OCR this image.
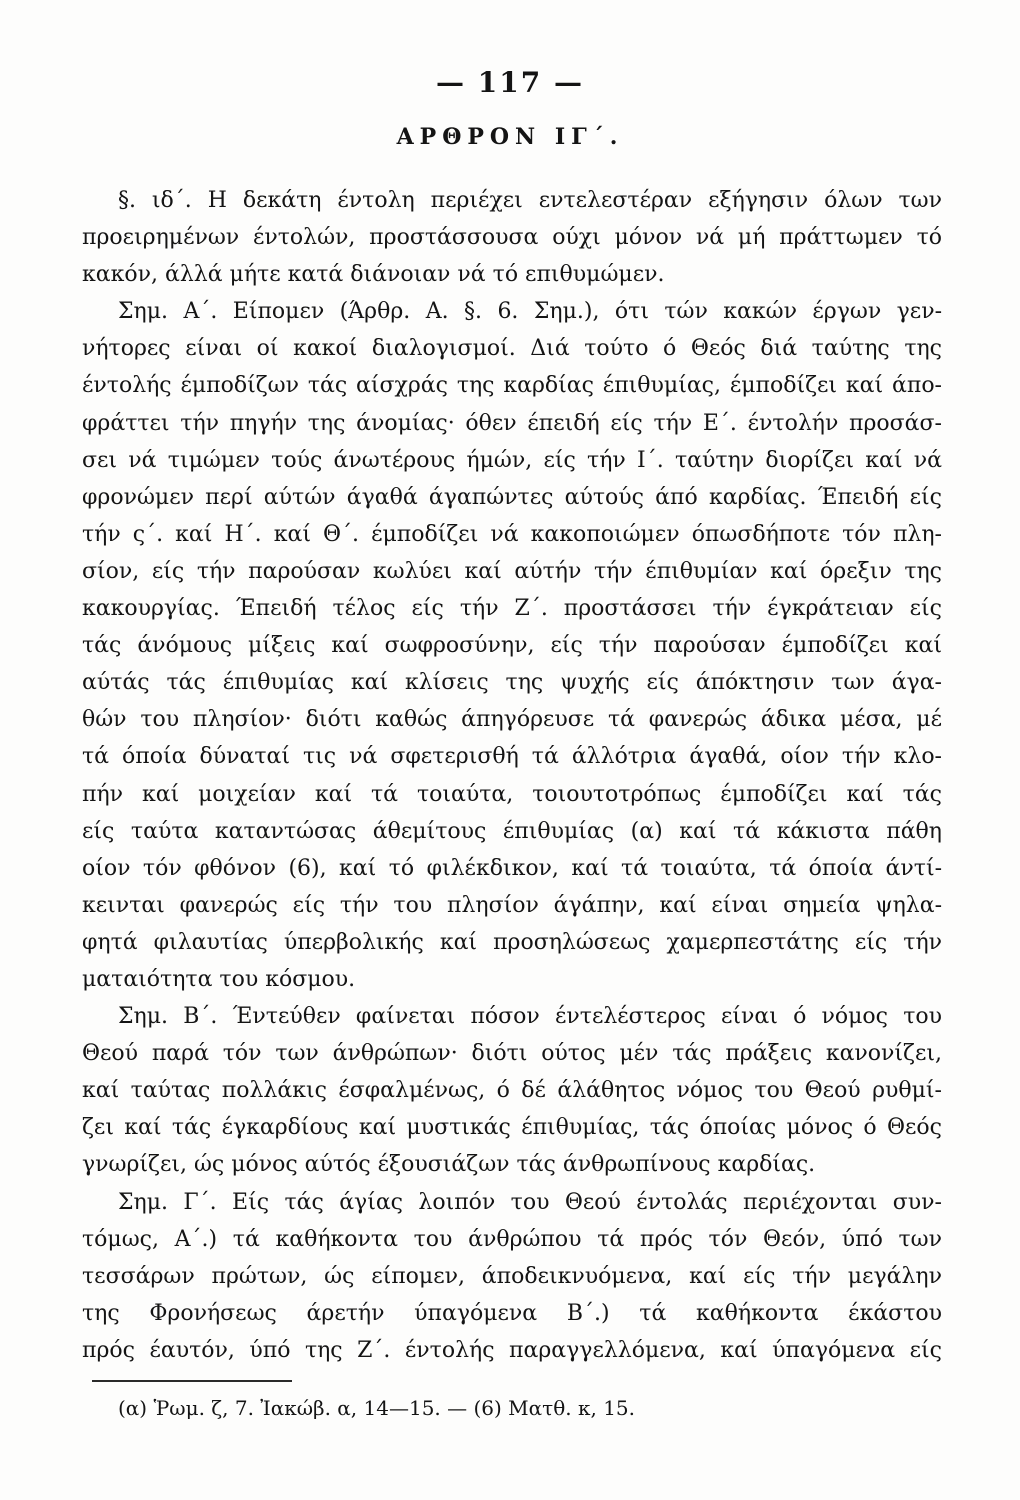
— 117 —
ΑΡΘΡΟΝ ΙΓ΄.
§. ιδ΄. Η δεκάτη έντολη περιέχει εντελεστέραν εξήγησιν όλων των
προειρημένων έντολών, προστάσσουσα ούχι μόνον νά μή πράττωμεν τό
κακόν, άλλά μήτε κατά διάνοιαν νά τό επιθυμώμεν.
Σημ. Α΄. Είπομεν (Άρθρ. Α. §. 6. Σημ.), ότι τών κακών έργων γεν-
νήτορες είναι οί κακοί διαλογισμοί. Διά τούτο ό Θεός διά ταύτης της
έντολής έμποδίζων τάς αίσχράς της καρδίας έπιθυμίας, έμποδίζει καί άπο-
φράττει τήν πηγήν της άνομίας· όθεν έπειδή είς τήν Ε΄. έντολήν προσάσ-
σει νά τιμώμεν τούς άνωτέρους ήμών, είς τήν Ι΄. ταύτην διορίζει καί νά
φρονώμεν περί αύτών άγαθά άγαπώντες αύτούς άπό καρδίας. Έπειδή είς
τήν ς΄. καί Η΄. καί Θ΄. έμποδίζει νά κακοποιώμεν όπωσδήποτε τόν πλη-
σίον, είς τήν παρούσαν κωλύει καί αύτήν τήν έπιθυμίαν καί όρεξιν της
κακουργίας. Έπειδή τέλος είς τήν Ζ΄. προστάσσει τήν έγκράτειαν είς
τάς άνόμους μίξεις καί σωφροσύνην, είς τήν παρούσαν έμποδίζει καί
αύτάς τάς έπιθυμίας καί κλίσεις της ψυχής είς άπόκτησιν των άγα-
θών του πλησίον· διότι καθώς άπηγόρευσε τά φανερώς άδικα μέσα, μέ
τά όποία δύναταί τις νά σφετερισθή τά άλλότρια άγαθά, οίον τήν κλο-
πήν καί μοιχείαν καί τά τοιαύτα, τοιουτοτρόπως έμποδίζει καί τάς
είς ταύτα καταντώσας άθεμίτους έπιθυμίας (α) καί τά κάκιστα πάθη
οίον τόν φθόνον (6), καί τό φιλέκδικον, καί τά τοιαύτα, τά όποία άντί-
κεινται φανερώς είς τήν του πλησίον άγάπην, καί είναι σημεία ψηλα-
φητά φιλαυτίας ύπερβολικής καί προσηλώσεως χαμερπεστάτης είς τήν
ματαιότητα του κόσμου.
Σημ. Β΄. Έντεύθεν φαίνεται πόσον έντελέστερος είναι ό νόμος του
Θεού παρά τόν των άνθρώπων· διότι ούτος μέν τάς πράξεις κανονίζει,
καί ταύτας πολλάκις έσφαλμένως, ό δέ άλάθητος νόμος του Θεού ρυθμί-
ζει καί τάς έγκαρδίους καί μυστικάς έπιθυμίας, τάς όποίας μόνος ό Θεός
γνωρίζει, ώς μόνος αύτός έξουσιάζων τάς άνθρωπίνους καρδίας.
Σημ. Γ΄. Είς τάς άγίας λοιπόν του Θεού έντολάς περιέχονται συν-
τόμως, Α΄.) τά καθήκοντα του άνθρώπου τά πρός τόν Θεόν, ύπό των
τεσσάρων πρώτων, ώς είπομεν, άποδεικνυόμενα, καί είς τήν μεγάλην
της Φρονήσεως άρετήν ύπαγόμενα Β΄.) τά καθήκοντα έκάστου
πρός έαυτόν, ύπό της Ζ΄. έντολής παραγγελλόμενα, καί ύπαγόμενα είς
(α) Ῥωμ. ζ, 7. Ἰακώβ. α, 14—15. — (6) Ματθ. κ, 15.
